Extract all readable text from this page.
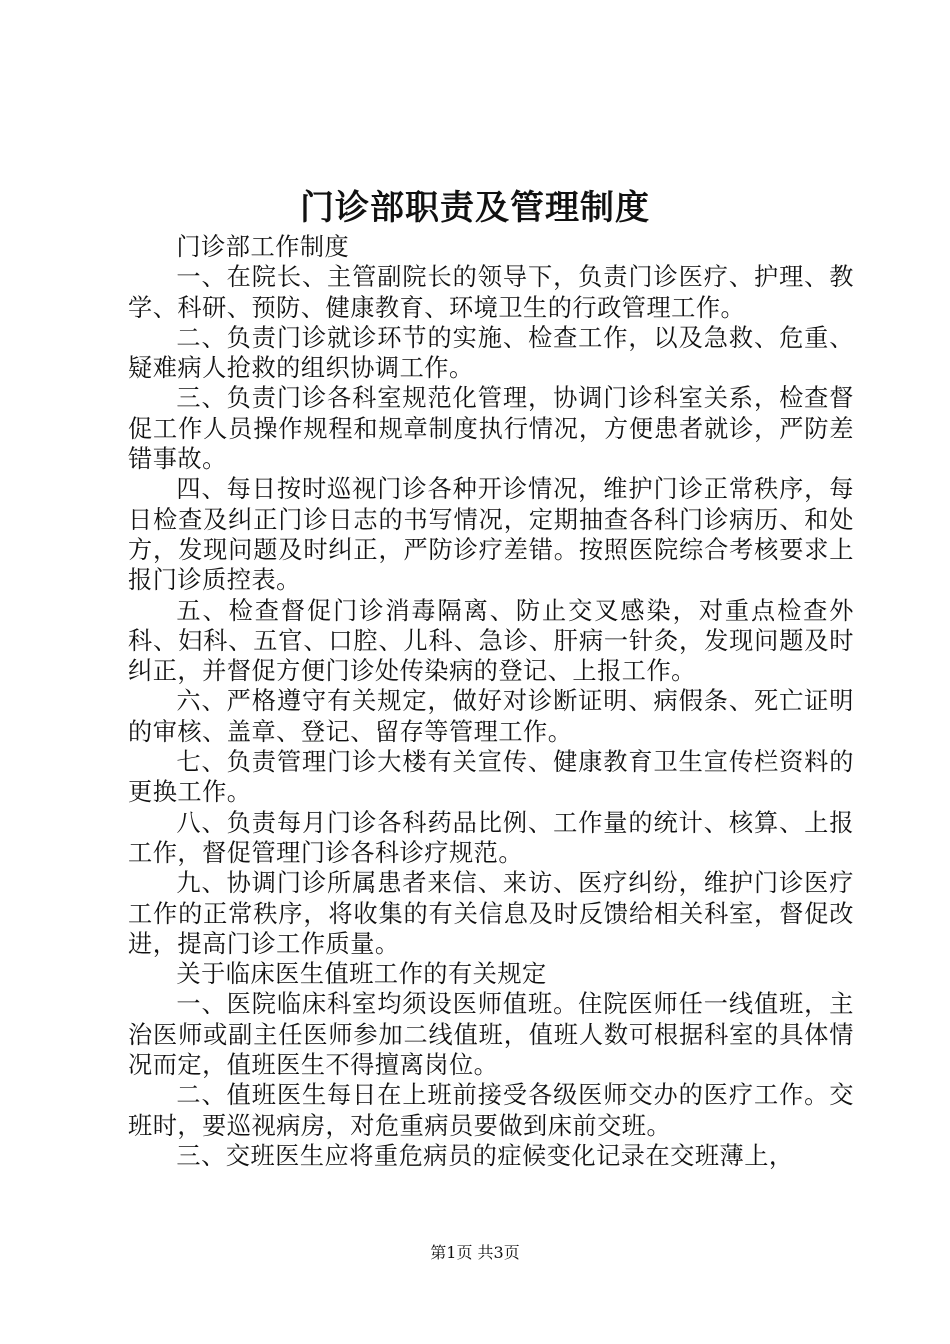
门诊部职责及管理制度

门诊部工作制度

一、在院长、主管副院长的领导下，负责门诊医疗、护理、教学、科研、预防、健康教育、环境卫生的行政管理工作。

二、负责门诊就诊环节的实施、检查工作，以及急救、危重、疑难病人抢救的组织协调工作。

三、负责门诊各科室规范化管理，协调门诊科室关系，检查督促工作人员操作规程和规章制度执行情况，方便患者就诊，严防差错事故。

四、每日按时巡视门诊各种开诊情况，维护门诊正常秩序，每日检查及纠正门诊日志的书写情况，定期抽查各科门诊病历、和处方，发现问题及时纠正，严防诊疗差错。按照医院综合考核要求上报门诊质控表。

五、检查督促门诊消毒隔离、防止交叉感染，对重点检查外科、妇科、五官、口腔、儿科、急诊、肝病一针灸，发现问题及时纠正，并督促方便门诊处传染病的登记、上报工作。

六、严格遵守有关规定，做好对诊断证明、病假条、死亡证明的审核、盖章、登记、留存等管理工作。

七、负责管理门诊大楼有关宣传、健康教育卫生宣传栏资料的更换工作。

八、负责每月门诊各科药品比例、工作量的统计、核算、上报工作，督促管理门诊各科诊疗规范。

九、协调门诊所属患者来信、来访、医疗纠纷，维护门诊医疗工作的正常秩序，将收集的有关信息及时反馈给相关科室，督促改进，提高门诊工作质量。

关于临床医生值班工作的有关规定

一、医院临床科室均须设医师值班。住院医师任一线值班，主治医师或副主任医师参加二线值班，值班人数可根据科室的具体情况而定，值班医生不得擅离岗位。

二、值班医生每日在上班前接受各级医师交办的医疗工作。交班时，要巡视病房，对危重病员要做到床前交班。

三、交班医生应将重危病员的症候变化记录在交班薄上，

第1页 共3页
